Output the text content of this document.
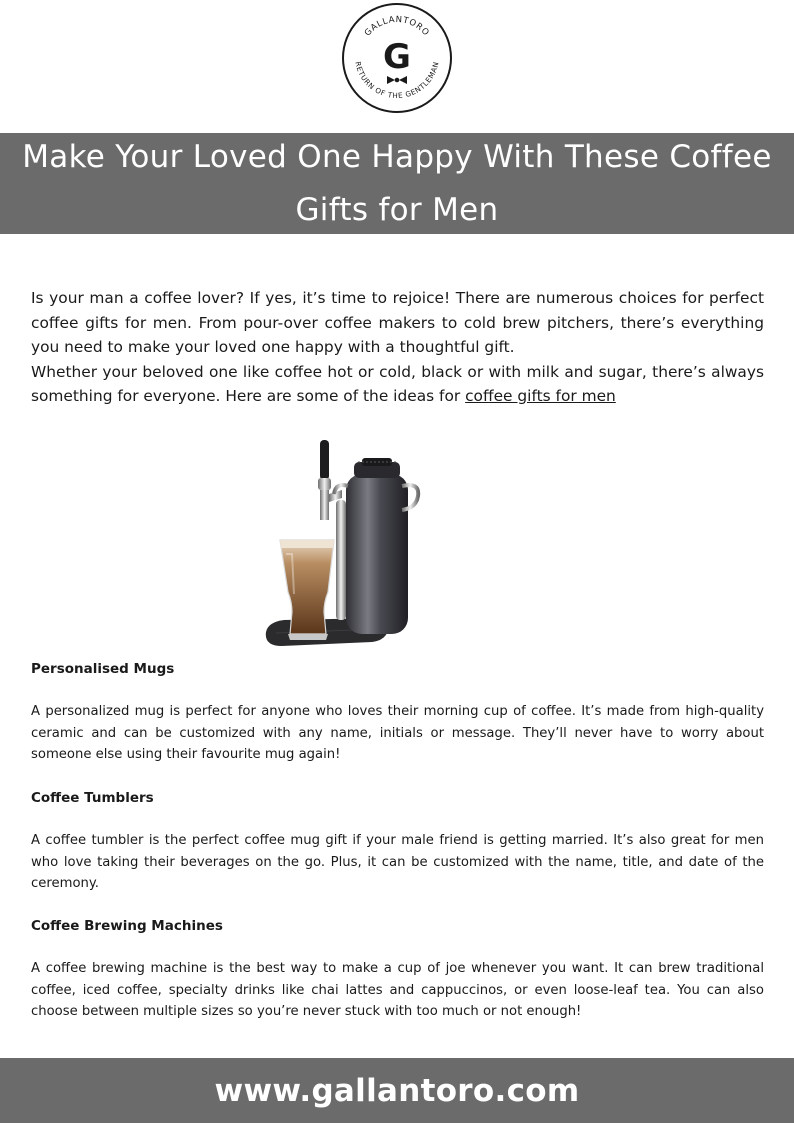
GALLANTORO
RETURN OF THE GENTLEMAN
G
Make Your Loved One Happy With These Coffee Gifts for Men

Is your man a coffee lover? If yes, it’s time to rejoice! There are numerous choices for perfect coffee gifts for men. From pour-over coffee makers to cold brew pitchers, there’s everything you need to make your loved one happy with a thoughtful gift.

Whether your beloved one like coffee hot or cold, black or with milk and sugar, there’s always something for everyone. Here are some of the ideas for coffee gifts for men

Personalised Mugs

A personalized mug is perfect for anyone who loves their morning cup of coffee. It’s made from high-quality ceramic and can be customized with any name, initials or message. They’ll never have to worry about someone else using their favourite mug again!

Coffee Tumblers

A coffee tumbler is the perfect coffee mug gift if your male friend is getting married. It’s also great for men who love taking their beverages on the go. Plus, it can be customized with the name, title, and date of the ceremony.

Coffee Brewing Machines

A coffee brewing machine is the best way to make a cup of joe whenever you want. It can brew traditional coffee, iced coffee, specialty drinks like chai lattes and cappuccinos, or even loose-leaf tea. You can also choose between multiple sizes so you’re never stuck with too much or not enough!

www.gallantoro.com
